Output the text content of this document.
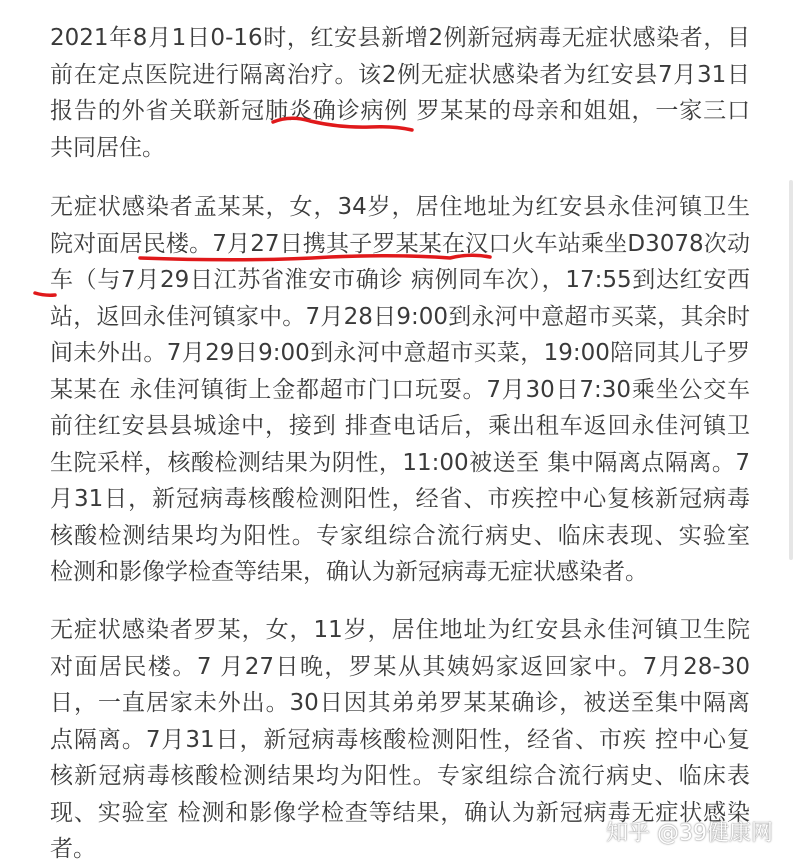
2021年8月1日0-16时，红安县新增2例新冠病毒无症状感染者，目
前在定点医院进行隔离治疗。该2例无症状感染者为红安县7月31日
报告的外省关联新冠肺炎确诊病例 罗某某的母亲和姐姐，一家三口
共同居住。
无症状感染者孟某某，女，34岁，居住地址为红安县永佳河镇卫生
院对面居民楼。7月27日携其子罗某某在汉口火车站乘坐D3078次动
车（与7月29日江苏省淮安市确诊 病例同车次），17:55到达红安西
站，返回永佳河镇家中。7月28日9:00到永河中意超市买菜，其余时
间未外出。7月29日9:00到永河中意超市买菜，19:00陪同其儿子罗
某某在 永佳河镇街上金都超市门口玩耍。7月30日7:30乘坐公交车
前往红安县县城途中，接到 排查电话后，乘出租车返回永佳河镇卫
生院采样，核酸检测结果为阴性，11:00被送至 集中隔离点隔离。7
月31日，新冠病毒核酸检测阳性，经省、市疾控中心复核新冠病毒
核酸检测结果均为阳性。专家组综合流行病史、临床表现、实验室
检测和影像学检查等结果，确认为新冠病毒无症状感染者。
无症状感染者罗某，女，11岁，居住地址为红安县永佳河镇卫生院
对面居民楼。7 月27日晚，罗某从其姨妈家返回家中。7月28-30
日，一直居家未外出。30日因其弟弟罗某某确诊，被送至集中隔离
点隔离。7月31日，新冠病毒核酸检测阳性，经省、市疾 控中心复
核新冠病毒核酸检测结果均为阳性。专家组综合流行病史、临床表
现、实验室 检测和影像学检查等结果，确认为新冠病毒无症状感染
者。
知乎 @39健康网
